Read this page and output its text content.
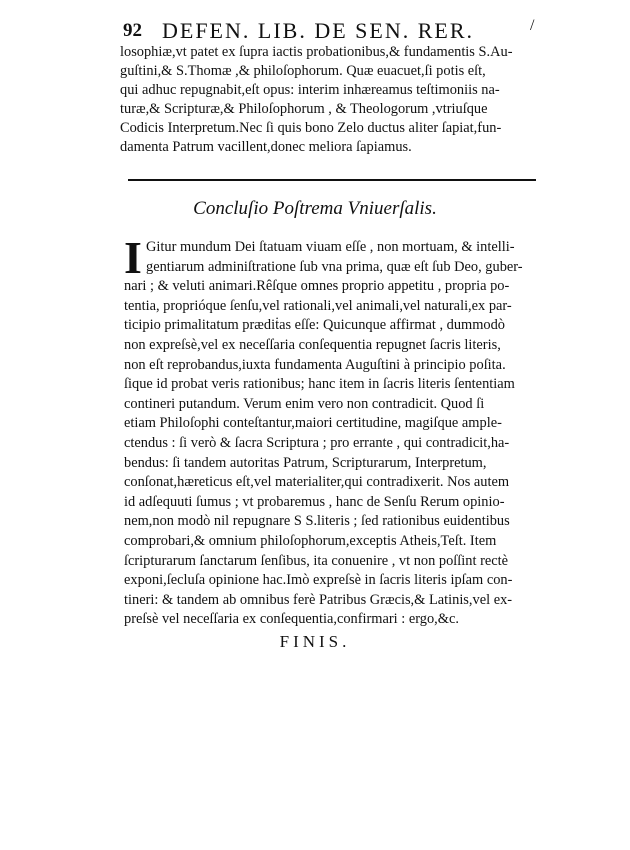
92 DEFEN. LIB. DE SEN. RER.	/
losophiæ,vt patet ex ſupra iactis probationibus,& fundamentis S.Au-
guſtini,& S.Thomæ ,& philoſophorum. Quæ euacuet,ſi potis eſt,
qui adhuc repugnabit,eſt opus: interim inhæreamus teſtimoniis na-
turæ,& Scripturæ,& Philoſophorum , & Theologorum ,vtriuſque
Codicis Interpretum.Nec ſi quis bono Zelo ductus aliter ſapiat,fun-
damenta Patrum vacillent,donec meliora ſapiamus.
Concluſio Poſtrema Vniuerſalis.
I Gitur mundum Dei ſtatuam viuam eſſe , non mortuam, & intelli-
gentiarum adminiſtratione ſub vna prima, quæ eſt ſub Deo, guber-
nari ; & veluti animari.Rêſque omnes proprio appetitu , propria po-
tentia, proprióque ſenſu,vel rationali,vel animali,vel naturali,ex par-
ticipio primalitatum prædiṫas eſſe: Quicunque affirmat , dummodò
non expreſsè,vel ex neceſſaria conſequentia repugnet ſacris literis,
non eſt reprobandus,iuxta fundamenta Auguſtini à principio poſita.
ſique id probat veris rationibus; hanc item in ſacris literis ſententiam
contineri putandum. Verum enim vero non contradicit. Quod ſi
etiam Philoſophi conteſtantur,maiori certitudine, magiſque ample-
ctendus : ſi verò & ſacra Scriptura ; pro errante , qui contradicit,ha-
bendus: ſi tandem autoritas Patrum, Scripturarum, Interpretum,
conſonat,hæreticus eſt,vel materialiter,qui contradixerit. Nos autem
id adſequuti ſumus ; vt probaremus , hanc de Senſu Rerum opinio-
nem,non modò nil repugnare S S.literis ; ſed rationibus euidentibus
comprobari,& omnium philoſophorum,exceptis Atheis,Teſt. Item
ſcripturarum ſanctarum ſenſibus, ita conuenire , vt non poſſint rectè
exponi,ſecluſa opinione hac.Imò expreſsè in ſacris literis ipſam con-
tineri: & tandem ab omnibus ferè Patribus Græcis,& Latinis,vel ex-
preſsè vel neceſſaria ex conſequentia,confirmari : ergo,&c.
FINIS.
